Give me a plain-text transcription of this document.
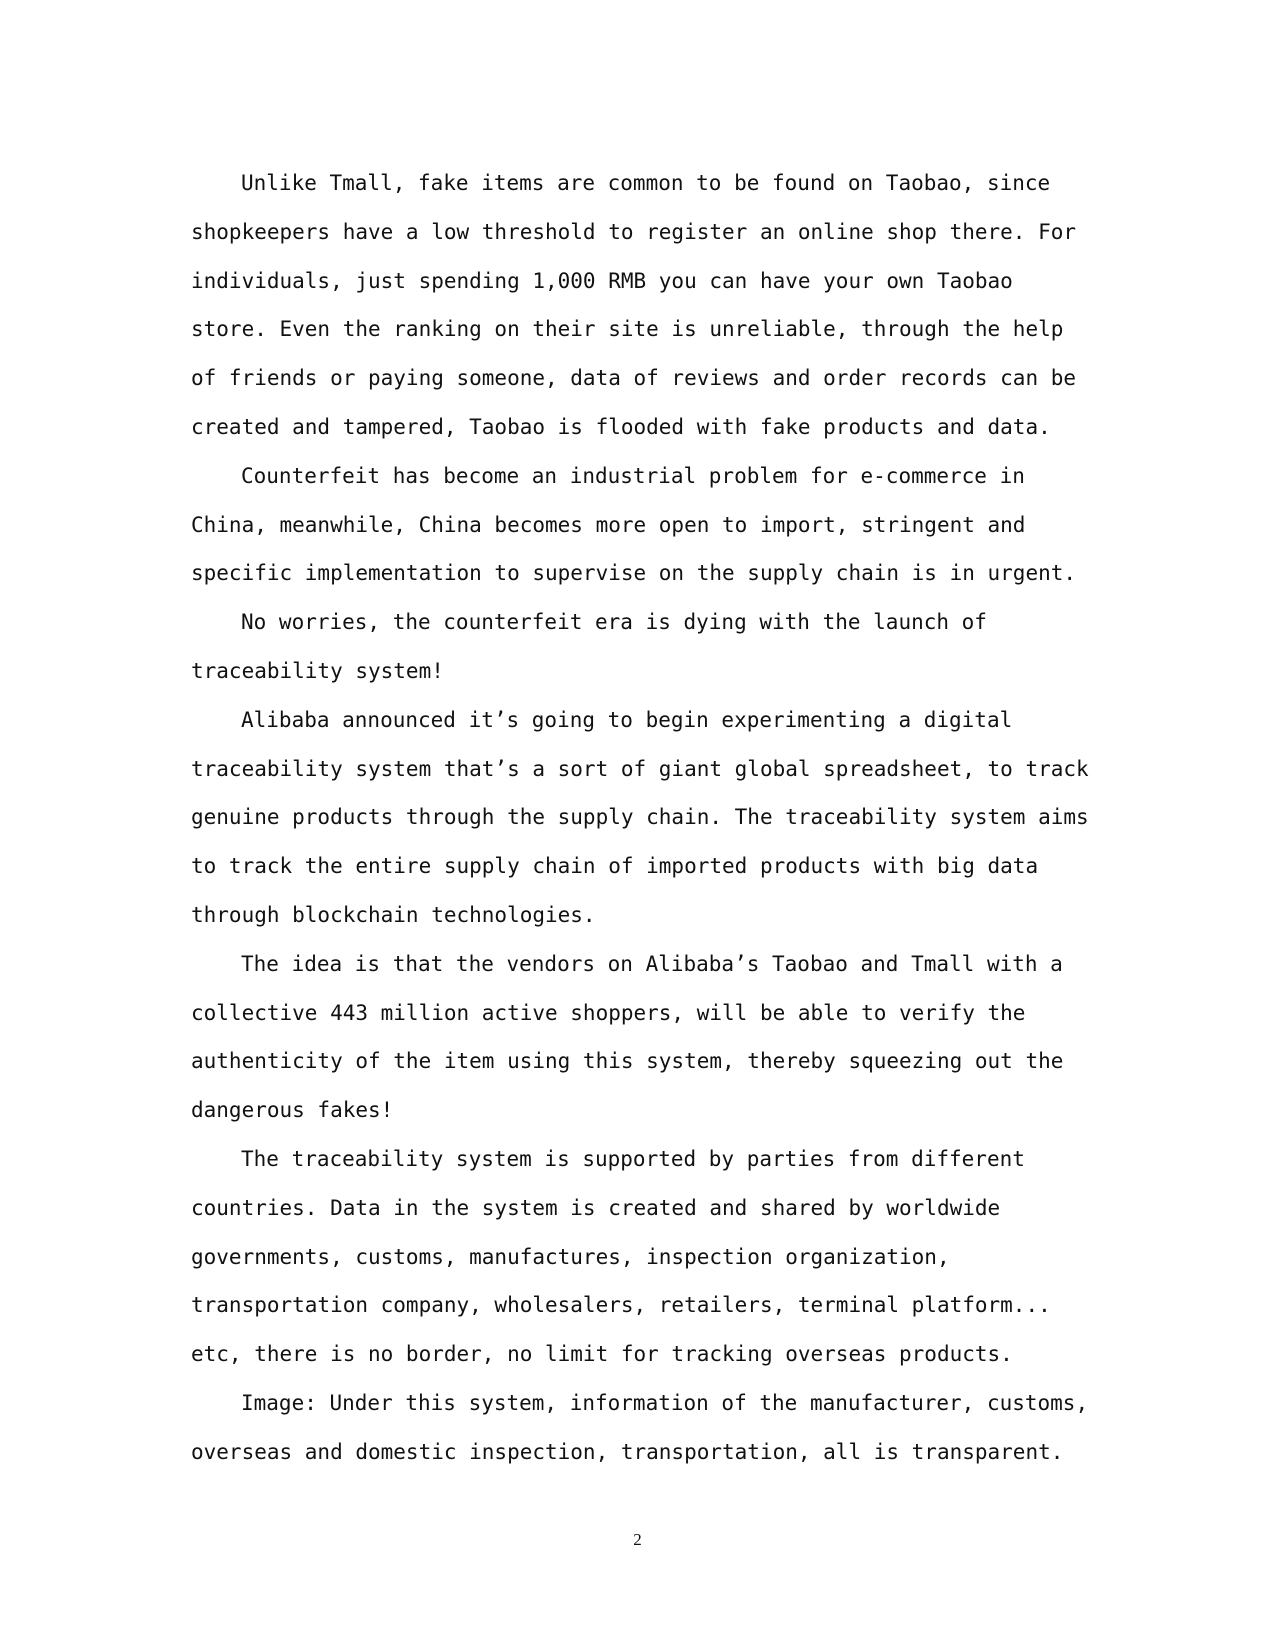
Unlike Tmall, fake items are common to be found on Taobao, since
shopkeepers have a low threshold to register an online shop there. For
individuals, just spending 1,000 RMB you can have your own Taobao
store. Even the ranking on their site is unreliable, through the help
of friends or paying someone, data of reviews and order records can be
created and tampered, Taobao is flooded with fake products and data.
Counterfeit has become an industrial problem for e-commerce in
China, meanwhile, China becomes more open to import, stringent and
specific implementation to supervise on the supply chain is in urgent.
No worries, the counterfeit era is dying with the launch of
traceability system!
Alibaba announced it’s going to begin experimenting a digital
traceability system that’s a sort of giant global spreadsheet, to track
genuine products through the supply chain. The traceability system aims
to track the entire supply chain of imported products with big data
through blockchain technologies.
The idea is that the vendors on Alibaba’s Taobao and Tmall with a
collective 443 million active shoppers, will be able to verify the
authenticity of the item using this system, thereby squeezing out the
dangerous fakes!
The traceability system is supported by parties from different
countries. Data in the system is created and shared by worldwide
governments, customs, manufactures, inspection organization,
transportation company, wholesalers, retailers, terminal platform...
etc, there is no border, no limit for tracking overseas products.
Image: Under this system, information of the manufacturer, customs,
overseas and domestic inspection, transportation, all is transparent.
2
